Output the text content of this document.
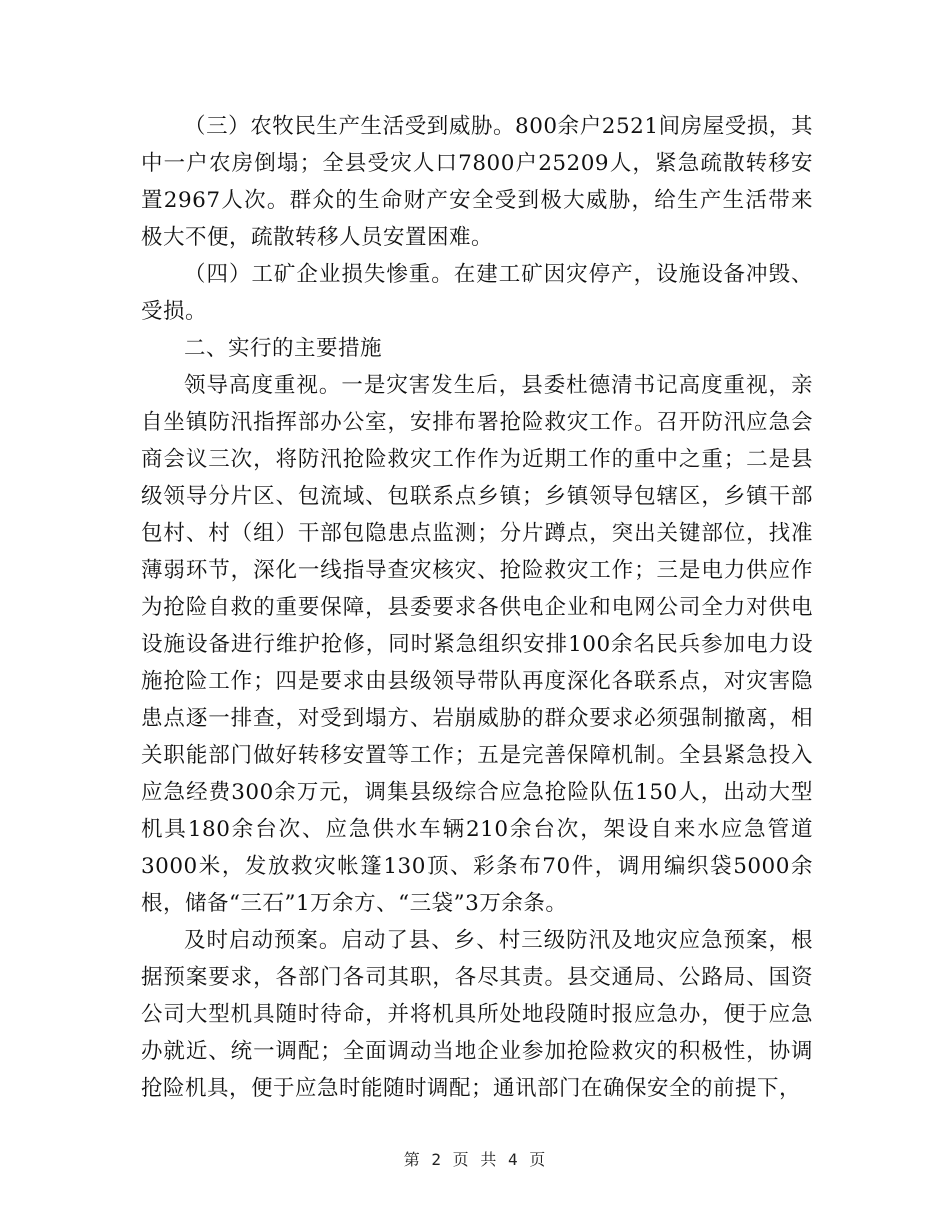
（三）农牧民生产生活受到威胁。800余户2521间房屋受损，其中一户农房倒塌；全县受灾人口7800户25209人，紧急疏散转移安置2967人次。群众的生命财产安全受到极大威胁，给生产生活带来极大不便，疏散转移人员安置困难。

（四）工矿企业损失惨重。在建工矿因灾停产，设施设备冲毁、受损。

二、实行的主要措施

领导高度重视。一是灾害发生后，县委杜德清书记高度重视，亲自坐镇防汛指挥部办公室，安排布署抢险救灾工作。召开防汛应急会商会议三次，将防汛抢险救灾工作作为近期工作的重中之重；二是县级领导分片区、包流域、包联系点乡镇；乡镇领导包辖区，乡镇干部包村、村（组）干部包隐患点监测；分片蹲点，突出关键部位，找准薄弱环节，深化一线指导查灾核灾、抢险救灾工作；三是电力供应作为抢险自救的重要保障，县委要求各供电企业和电网公司全力对供电设施设备进行维护抢修，同时紧急组织安排100余名民兵参加电力设施抢险工作；四是要求由县级领导带队再度深化各联系点，对灾害隐患点逐一排查，对受到塌方、岩崩威胁的群众要求必须强制撤离，相关职能部门做好转移安置等工作；五是完善保障机制。全县紧急投入应急经费300余万元，调集县级综合应急抢险队伍150人，出动大型机具180余台次、应急供水车辆210余台次，架设自来水应急管道3000米，发放救灾帐篷130顶、彩条布70件，调用编织袋5000余根，储备“三石”1万余方、“三袋”3万余条。

及时启动预案。启动了县、乡、村三级防汛及地灾应急预案，根据预案要求，各部门各司其职，各尽其责。县交通局、公路局、国资公司大型机具随时待命，并将机具所处地段随时报应急办，便于应急办就近、统一调配；全面调动当地企业参加抢险救灾的积极性，协调抢险机具，便于应急时能随时调配；通讯部门在确保安全的前提下，

第 2 页 共 4 页
